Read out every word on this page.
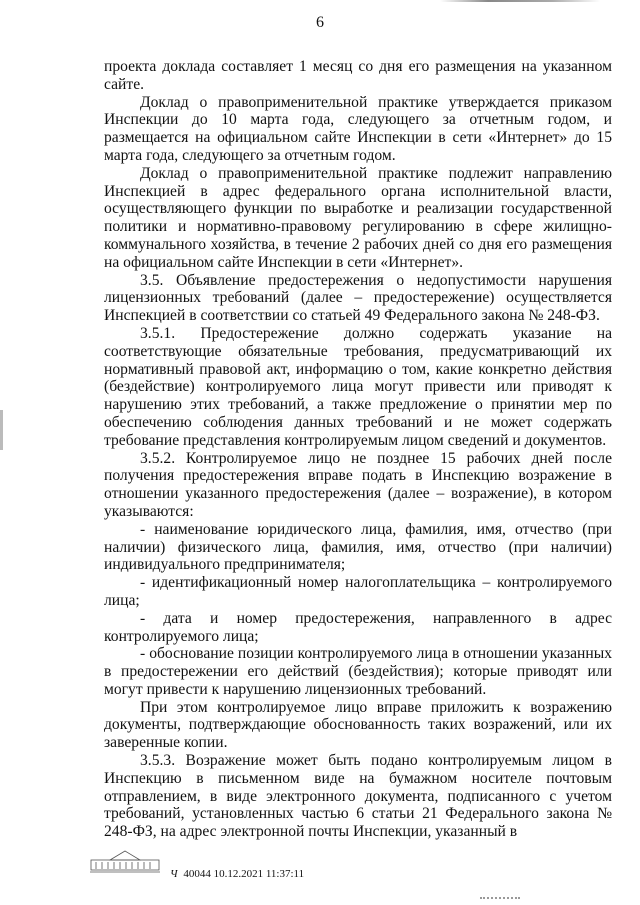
6

проекта доклада составляет 1 месяц со дня его размещения на указанном сайте.

Доклад о правоприменительной практике утверждается приказом Инспекции до 10 марта года, следующего за отчетным годом, и размещается на официальном сайте Инспекции в сети «Интернет» до 15 марта года, следующего за отчетным годом.

Доклад о правоприменительной практике подлежит направлению Инспекцией в адрес федерального органа исполнительной власти, осуществляющего функции по выработке и реализации государственной политики и нормативно-правовому регулированию в сфере жилищно-коммунального хозяйства, в течение 2 рабочих дней со дня его размещения на официальном сайте Инспекции в сети «Интернет».

3.5. Объявление предостережения о недопустимости нарушения лицензионных требований (далее – предостережение) осуществляется Инспекцией в соответствии со статьей 49 Федерального закона № 248-ФЗ.

3.5.1. Предостережение должно содержать указание на соответствующие обязательные требования, предусматривающий их нормативный правовой акт, информацию о том, какие конкретно действия (бездействие) контролируемого лица могут привести или приводят к нарушению этих требований, а также предложение о принятии мер по обеспечению соблюдения данных требований и не может содержать требование представления контролируемым лицом сведений и документов.

3.5.2. Контролируемое лицо не позднее 15 рабочих дней после получения предостережения вправе подать в Инспекцию возражение в отношении указанного предостережения (далее – возражение), в котором указываются:

- наименование юридического лица, фамилия, имя, отчество (при наличии) физического лица, фамилия, имя, отчество (при наличии) индивидуального предпринимателя;

- идентификационный номер налогоплательщика – контролируемого лица;

- дата и номер предостережения, направленного в адрес контролируемого лица;

- обоснование позиции контролируемого лица в отношении указанных в предостережении его действий (бездействия); которые приводят или могут привести к нарушению лицензионных требований.

При этом контролируемое лицо вправе приложить к возражению документы, подтверждающие обоснованность таких возражений, или их заверенные копии.

3.5.3. Возражение может быть подано контролируемым лицом в Инспекцию в письменном виде на бумажном носителе почтовым отправлением, в виде электронного документа, подписанного с учетом требований, установленных частью 6 статьи 21 Федерального закона № 248-ФЗ, на адрес электронной почты Инспекции, указанный в

Ч 40044 10.12.2021 11:37:11
